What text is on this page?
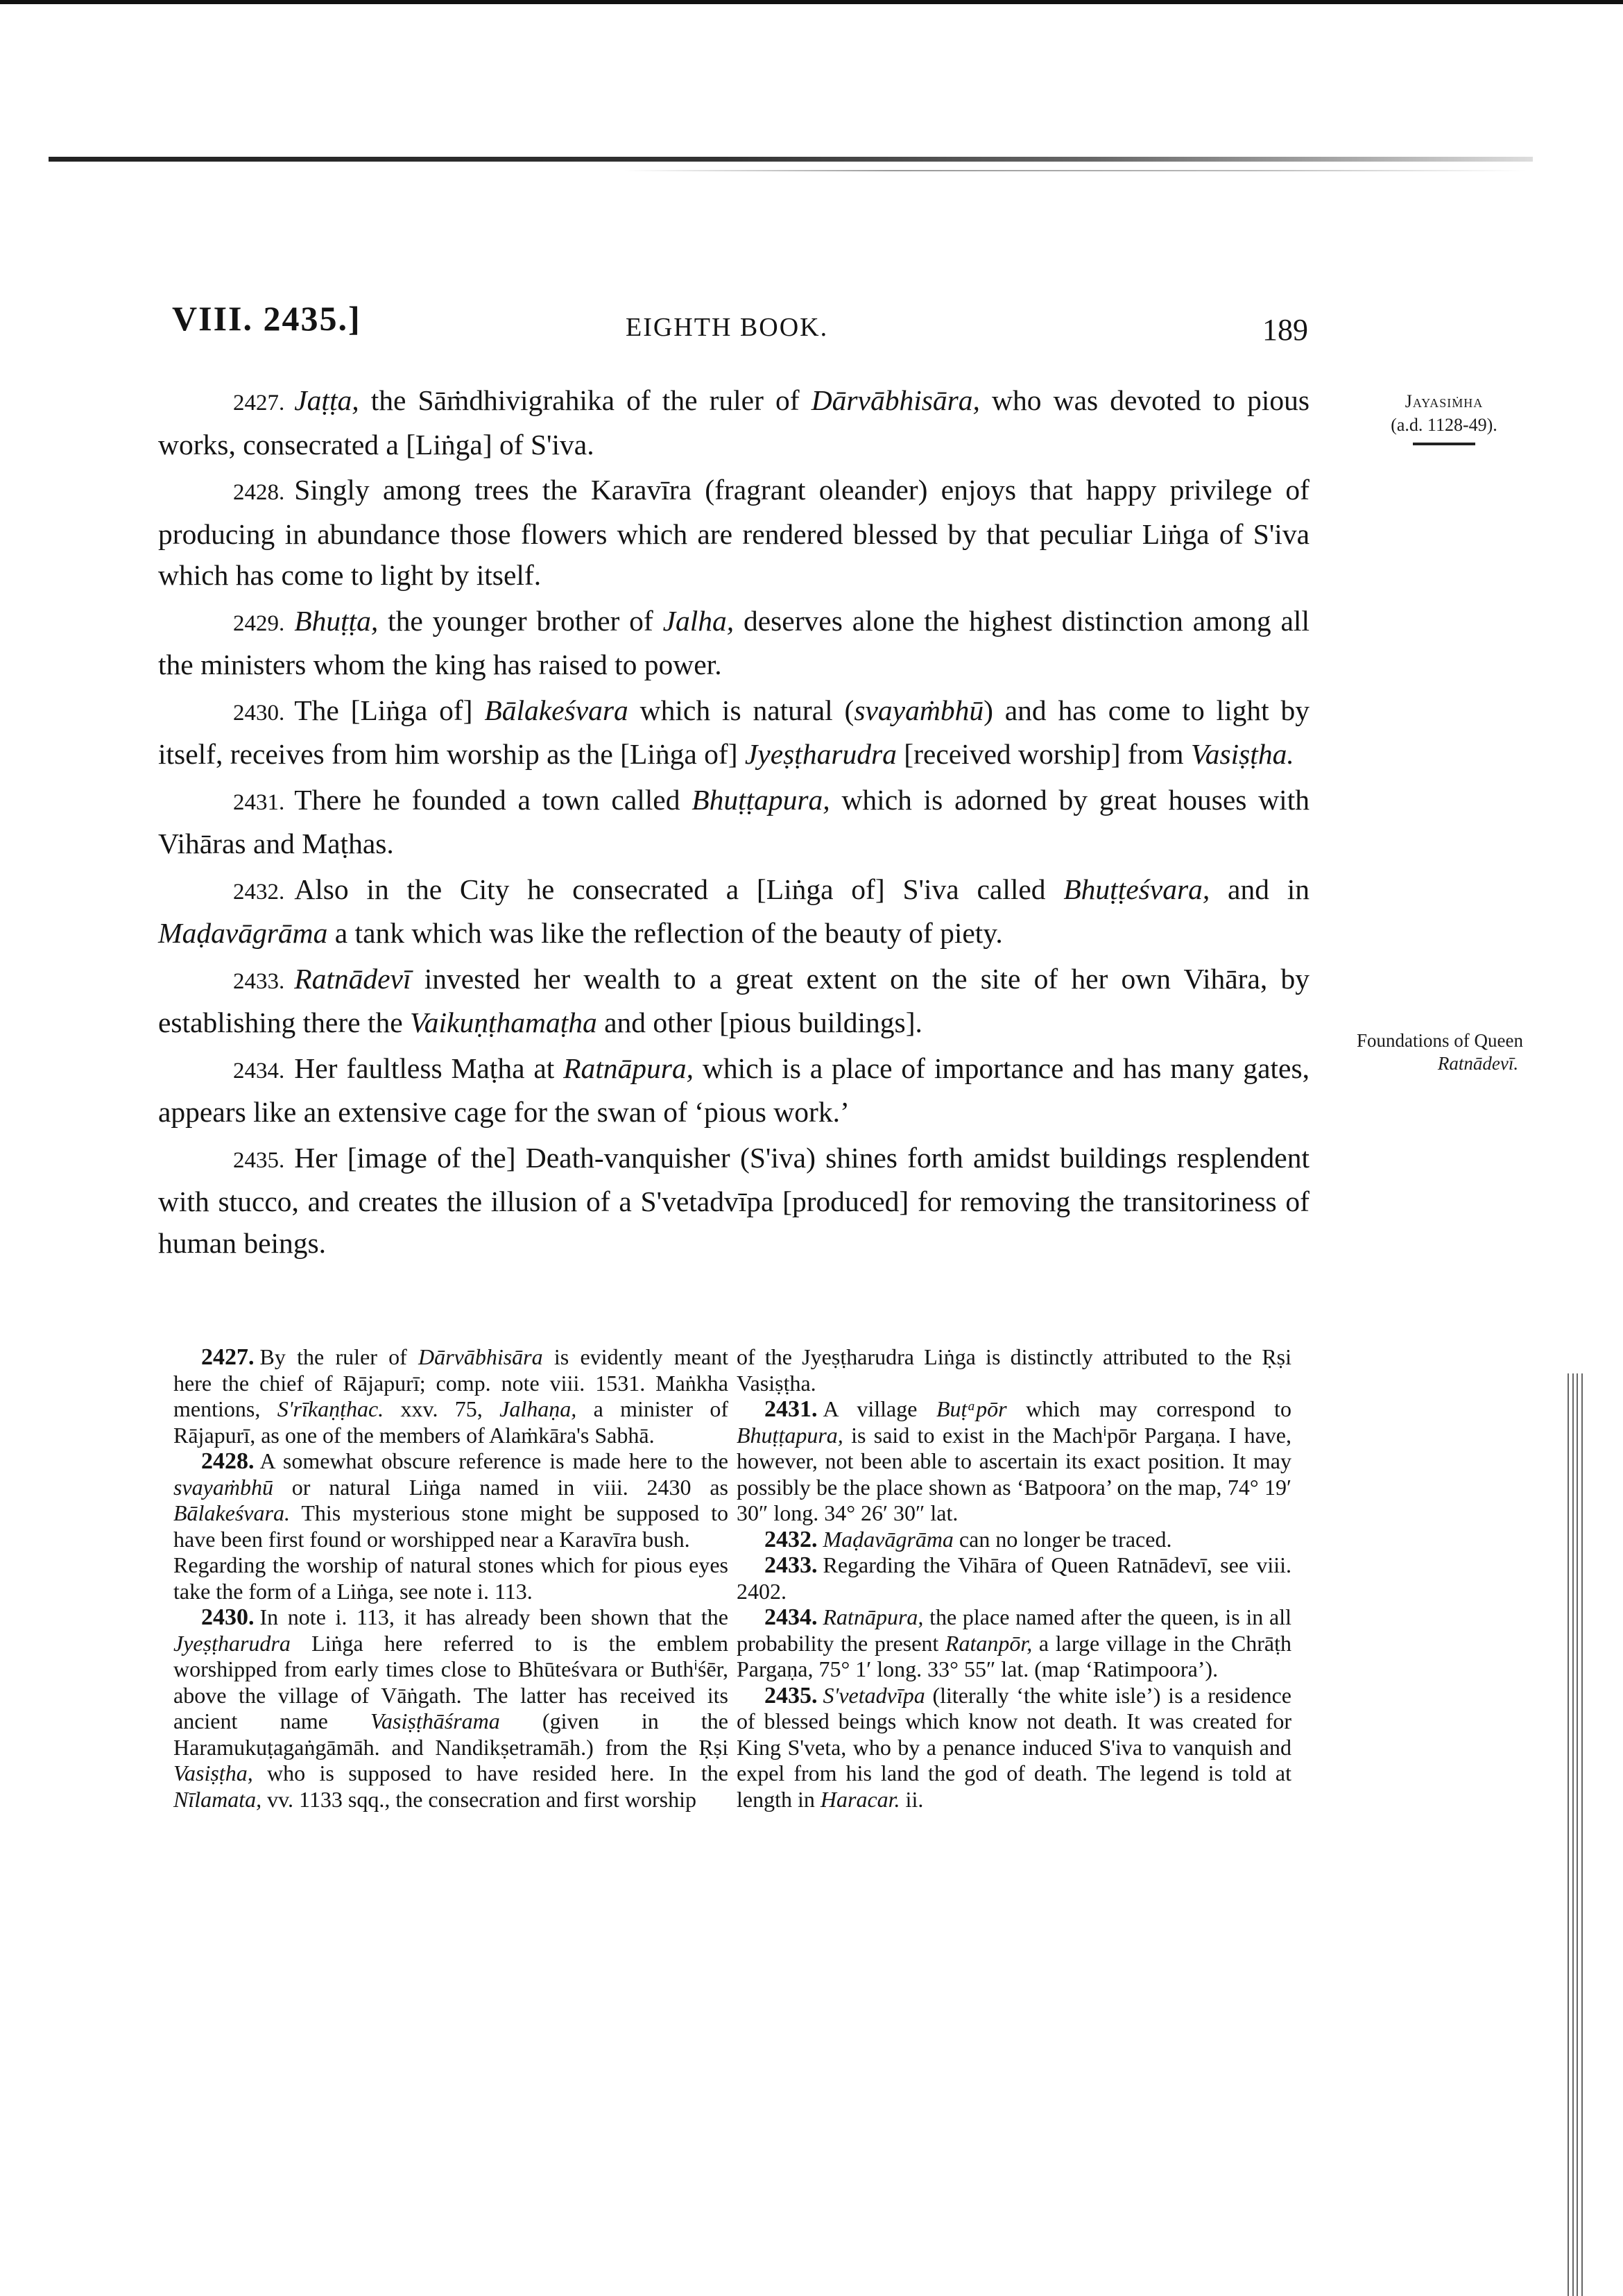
VIII. 2435.]	EIGHTH BOOK.	189
Jayasiṁha
(a.d. 1128-49).
Foundations of Queen
Ratnādevī.

2427. Jaṭṭa, the Sāṁdhivigrahika of the ruler of Dārvābhisāra, who was devoted to pious works, consecrated a [Liṅga] of S'iva.

2428. Singly among trees the Karavīra (fragrant oleander) enjoys that happy privilege of producing in abundance those flowers which are rendered blessed by that peculiar Liṅga of S'iva which has come to light by itself.

2429. Bhuṭṭa, the younger brother of Jalha, deserves alone the highest distinction among all the ministers whom the king has raised to power.

2430. The [Liṅga of] Bālakeśvara which is natural (svayaṁbhū) and has come to light by itself, receives from him worship as the [Liṅga of] Jyeṣṭharudra [received worship] from Vasiṣṭha.

2431. There he founded a town called Bhuṭṭapura, which is adorned by great houses with Vihāras and Maṭhas.

2432. Also in the City he consecrated a [Liṅga of] S'iva called Bhuṭṭeśvara, and in Maḍavāgrāma a tank which was like the reflection of the beauty of piety.

2433. Ratnādevī invested her wealth to a great extent on the site of her own Vihāra, by establishing there the Vaikuṇṭhamaṭha and other [pious buildings].

2434. Her faultless Maṭha at Ratnāpura, which is a place of importance and has many gates, appears like an extensive cage for the swan of ‘pious work.’

2435. Her [image of the] Death-vanquisher (S'iva) shines forth amidst buildings resplendent with stucco, and creates the illusion of a S'vetadvīpa [produced] for removing the transitoriness of human beings.

2427. By the ruler of Dārvābhisāra is evidently meant here the chief of Rājapurī; comp. note viii. 1531. Maṅkha mentions, S'rīkaṇṭhac. xxv. 75, Jalhaṇa, a minister of Rājapurī, as one of the members of Alaṁkāra's Sabhā.

2428. A somewhat obscure reference is made here to the svayaṁbhū or natural Liṅga named in viii. 2430 as Bālakeśvara. This mysterious stone might be supposed to have been first found or worshipped near a Karavīra bush.

Regarding the worship of natural stones which for pious eyes take the form of a Liṅga, see note i. 113.

2430. In note i. 113, it has already been shown that the Jyeṣṭharudra Liṅga here referred to is the emblem worshipped from early times close to Bhūteśvara or Buthⁱśēr, above the village of Vāṅgath. The latter has received its ancient name Vasiṣṭhāśrama (given in the Haramukuṭagaṅgāmāh. and Nandikṣetramāh.) from the Ṛṣi Vasiṣṭha, who is supposed to have resided here. In the Nīlamata, vv. 1133 sqq., the consecration and first worship

of the Jyeṣṭharudra Liṅga is distinctly attributed to the Ṛṣi Vasiṣṭha.

2431. A village Buṭᵃpōr which may correspond to Bhuṭṭapura, is said to exist in the Machⁱpōr Pargaṇa. I have, however, not been able to ascertain its exact position. It may possibly be the place shown as ‘Batpoora’ on the map, 74° 19′ 30″ long. 34° 26′ 30″ lat.

2432. Maḍavāgrāma can no longer be traced.

2433. Regarding the Vihāra of Queen Ratnādevī, see viii. 2402.

2434. Ratnāpura, the place named after the queen, is in all probability the present Ratanpōr, a large village in the Chrāṭh Pargaṇa, 75° 1′ long. 33° 55″ lat. (map ‘Ratimpoora’).

2435. S'vetadvīpa (literally ‘the white isle’) is a residence of blessed beings which know not death. It was created for King S'veta, who by a penance induced S'iva to vanquish and expel from his land the god of death. The legend is told at length in Haracar. ii.
